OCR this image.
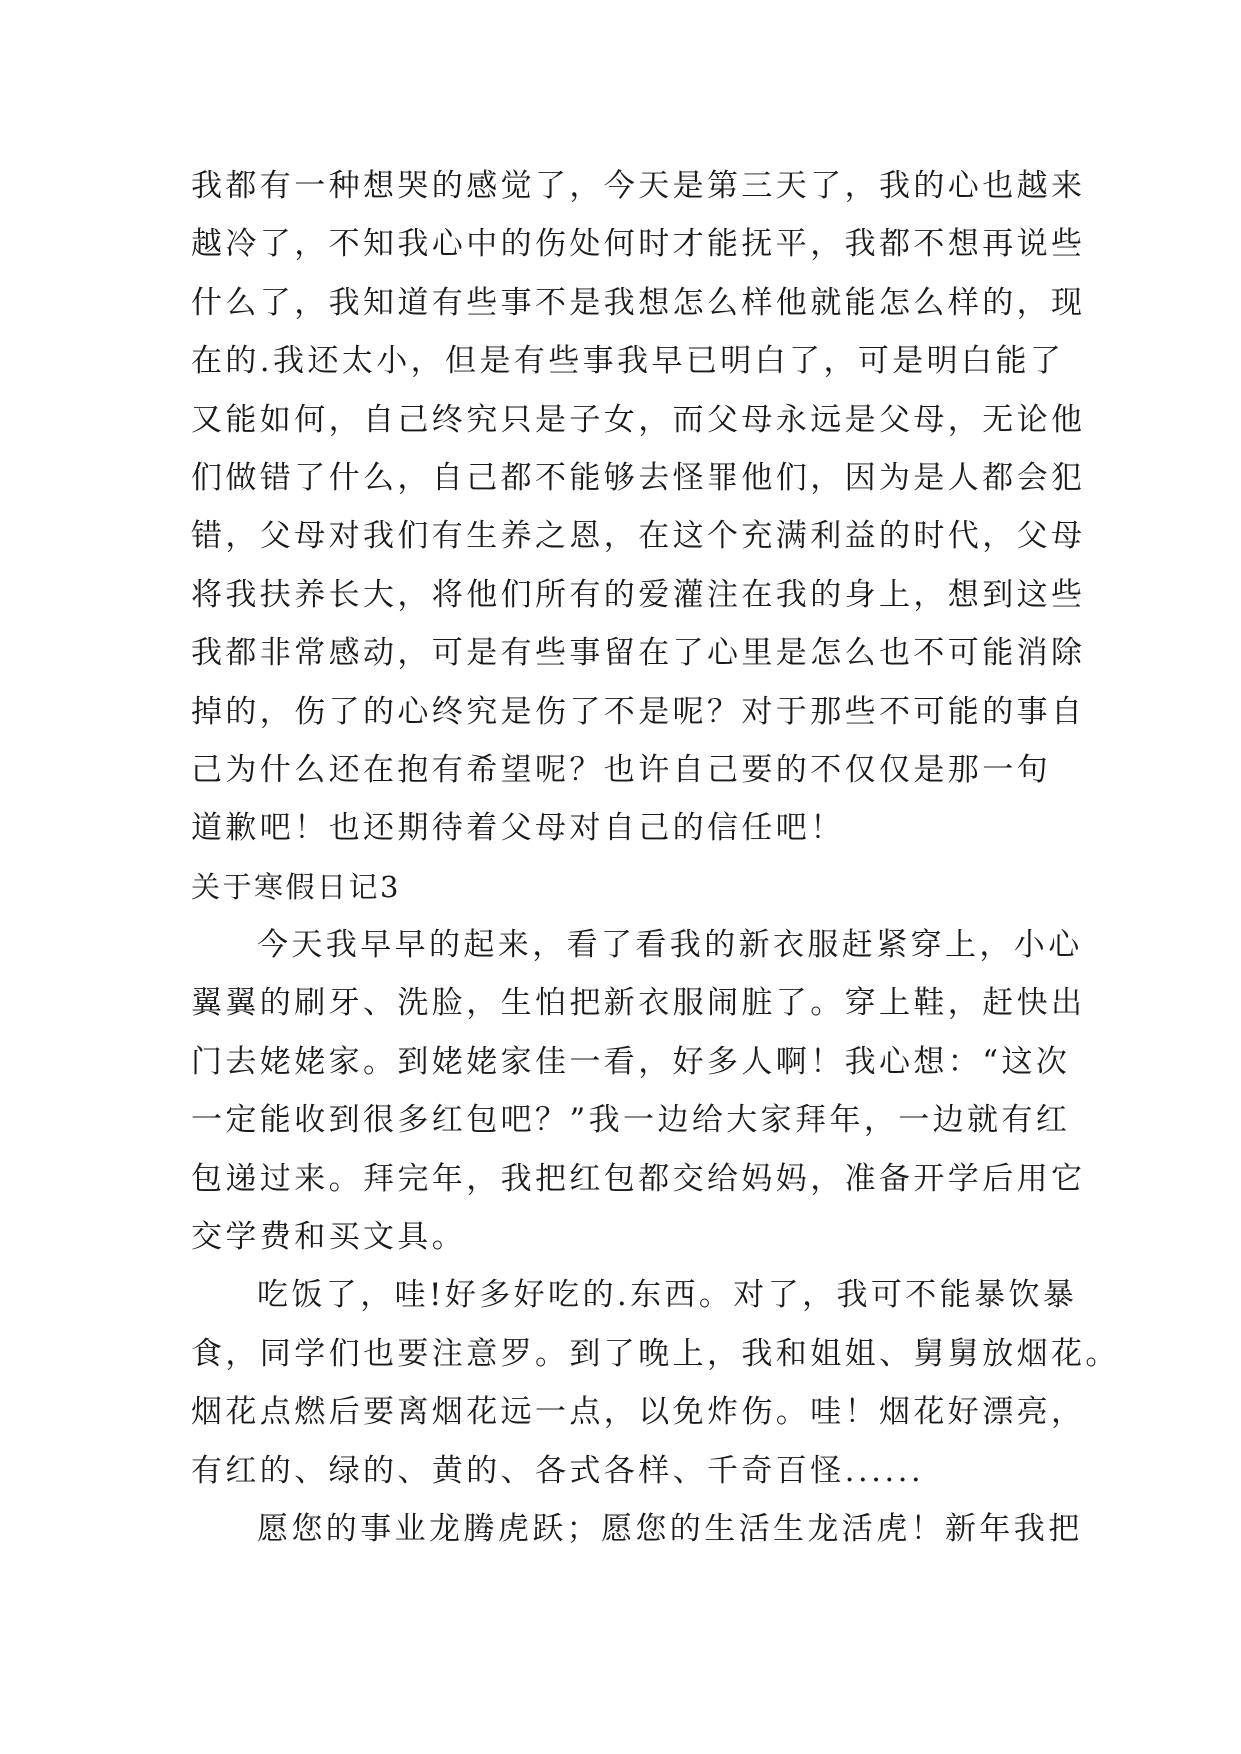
我都有一种想哭的感觉了，今天是第三天了，我的心也越来
越冷了，不知我心中的伤处何时才能抚平，我都不想再说些
什么了，我知道有些事不是我想怎么样他就能怎么样的，现
在的.我还太小，但是有些事我早已明白了，可是明白能了
又能如何，自己终究只是子女，而父母永远是父母，无论他
们做错了什么，自己都不能够去怪罪他们，因为是人都会犯
错，父母对我们有生养之恩，在这个充满利益的时代，父母
将我扶养长大，将他们所有的爱灌注在我的身上，想到这些
我都非常感动，可是有些事留在了心里是怎么也不可能消除
掉的，伤了的心终究是伤了不是呢？对于那些不可能的事自
己为什么还在抱有希望呢？也许自己要的不仅仅是那一句
道歉吧！也还期待着父母对自己的信任吧！
关于寒假日记3
今天我早早的起来，看了看我的新衣服赶紧穿上，小心
翼翼的刷牙、洗脸，生怕把新衣服闹脏了。穿上鞋，赶快出
门去姥姥家。到姥姥家佳一看，好多人啊！我心想：“这次
一定能收到很多红包吧？”我一边给大家拜年，一边就有红
包递过来。拜完年，我把红包都交给妈妈，准备开学后用它
交学费和买文具。
吃饭了，哇!好多好吃的.东西。对了，我可不能暴饮暴
食，同学们也要注意罗。到了晚上，我和姐姐、舅舅放烟花。
烟花点燃后要离烟花远一点，以免炸伤。哇！烟花好漂亮，
有红的、绿的、黄的、各式各样、千奇百怪......
愿您的事业龙腾虎跃；愿您的生活生龙活虎！新年我把
